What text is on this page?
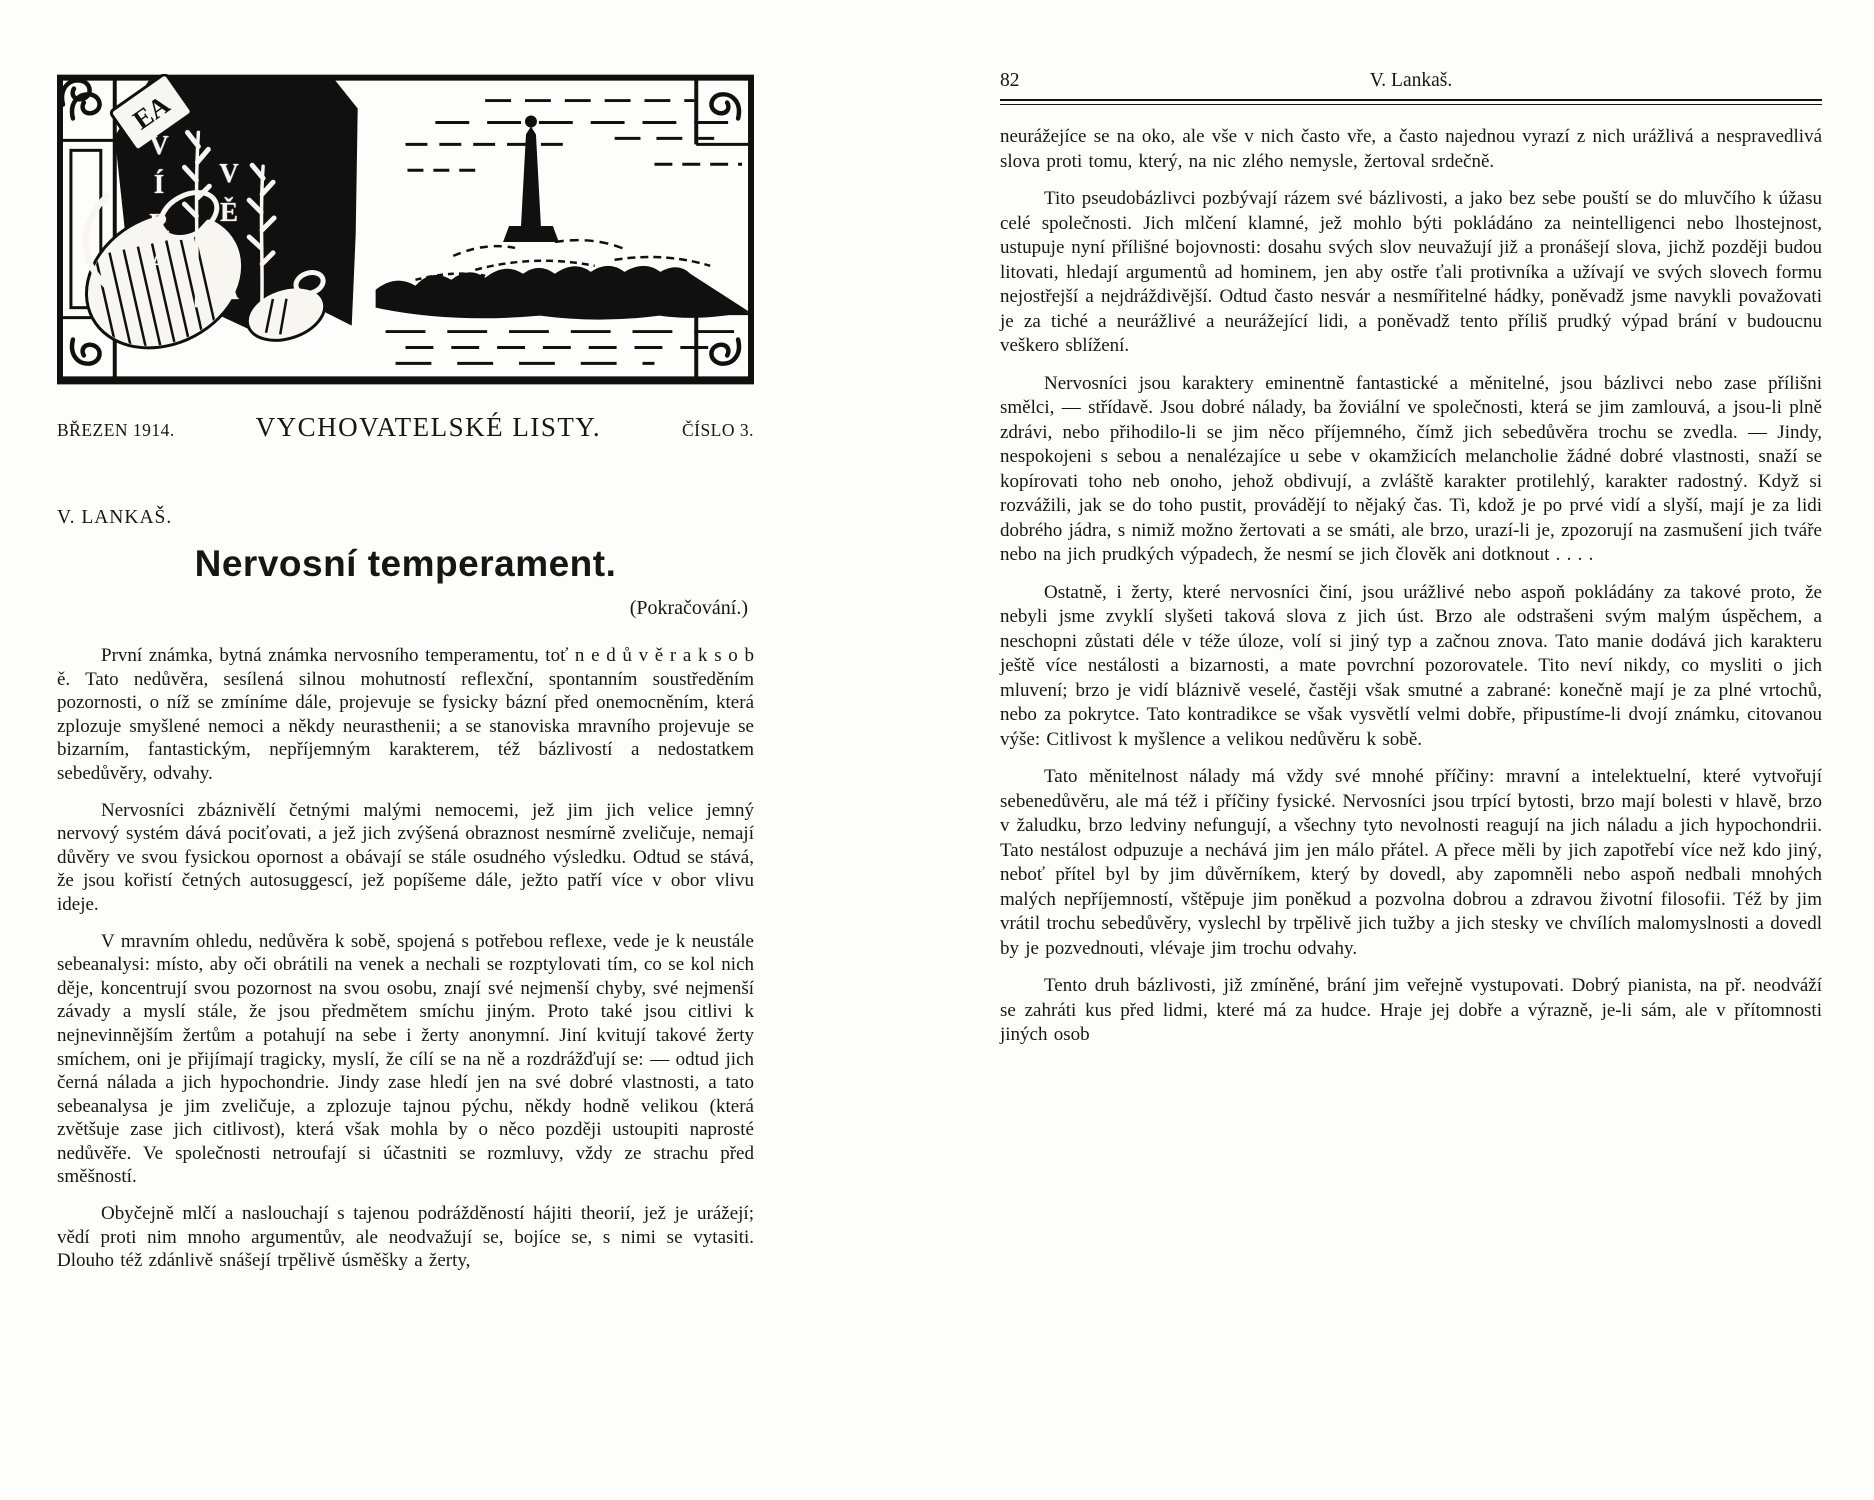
EA
VÍRA VĚDA
BŘEZEN 1914.	VYCHOVATELSKÉ LISTY.	ČÍSLO 3.
V. LANKAŠ.
Nervosní temperament.
(Pokračování.)

První známka, bytná známka nervosního temperamentu, toť n e d ů v ě r a k s o b ě. Tato nedůvěra, sesílená silnou mohutností reflexční, spontanním soustředěním pozornosti, o níž se zmíníme dále, projevuje se fysicky bázní před onemocněním, která zplozuje smyšlené nemoci a někdy neurasthenii; a se stanoviska mravního projevuje se bizarním, fantastickým, nepříjemným karakterem, též bázlivostí a nedostatkem sebedůvěry, odvahy.

Nervosníci zbáznivělí četnými malými nemocemi, jež jim jich velice jemný nervový systém dává pociťovati, a jež jich zvýšená obraznost nesmírně zveličuje, nemají důvěry ve svou fysickou opornost a obávají se stále osudného výsledku. Odtud se stává, že jsou kořistí četných autosuggescí, jež popíšeme dále, ježto patří více v obor vlivu ideje.

V mravním ohledu, nedůvěra k sobě, spojená s potřebou reflexe, vede je k neustále sebeanalysi: místo, aby oči obrátili na venek a nechali se rozptylovati tím, co se kol nich děje, koncentrují svou pozornost na svou osobu, znají své nejmenší chyby, své nejmenší závady a myslí stále, že jsou předmětem smíchu jiným. Proto také jsou citlivi k nejnevinnějším žertům a potahují na sebe i žerty anonymní. Jiní kvitují takové žerty smíchem, oni je přijímají tragicky, myslí, že cílí se na ně a rozdrážďují se: — odtud jich černá nálada a jich hypochondrie. Jindy zase hledí jen na své dobré vlastnosti, a tato sebeanalysa je jim zveličuje, a zplozuje tajnou pýchu, někdy hodně velikou (která zvětšuje zase jich citlivost), která však mohla by o něco později ustoupiti naprosté nedůvěře. Ve společnosti netroufají si účastniti se rozmluvy, vždy ze strachu před směšností.

Obyčejně mlčí a naslouchají s tajenou podrážděností hájiti theorií, jež je urážejí; vědí proti nim mnoho argumentův, ale neodvažují se, bojíce se, s nimi se vytasiti. Dlouho též zdánlivě snášejí trpělivě úsměšky a žerty,

82	V. Lankaš.

neurážejíce se na oko, ale vše v nich často vře, a často najednou vyrazí z nich urážlivá a nespravedlivá slova proti tomu, který, na nic zlého nemysle, žertoval srdečně.

Tito pseudobázlivci pozbývají rázem své bázlivosti, a jako bez sebe pouští se do mluvčího k úžasu celé společnosti. Jich mlčení klamné, jež mohlo býti pokládáno za neintelligenci nebo lhostejnost, ustupuje nyní přílišné bojovnosti: dosahu svých slov neuvažují již a pronášejí slova, jichž později budou litovati, hledají argumentů ad hominem, jen aby ostře ťali protivníka a užívají ve svých slovech formu nejostřejší a nejdráždivější. Odtud často nesvár a nesmířitelné hádky, poněvadž jsme navykli považovati je za tiché a neurážlivé a neurážející lidi, a poněvadž tento příliš prudký výpad brání v budoucnu veškero sblížení.

Nervosníci jsou karaktery eminentně fantastické a měnitelné, jsou bázlivci nebo zase přílišni smělci, — střídavě. Jsou dobré nálady, ba žoviální ve společnosti, která se jim zamlouvá, a jsou-li plně zdrávi, nebo přihodilo-li se jim něco příjemného, čímž jich sebedůvěra trochu se zvedla. — Jindy, nespokojeni s sebou a nenalézajíce u sebe v okamžicích melancholie žádné dobré vlastnosti, snaží se kopírovati toho neb onoho, jehož obdivují, a zvláště karakter protilehlý, karakter radostný. Když si rozvážili, jak se do toho pustit, provádějí to nějaký čas. Ti, kdož je po prvé vidí a slyší, mají je za lidi dobrého jádra, s nimiž možno žertovati a se smáti, ale brzo, urazí-li je, zpozorují na zasmušení jich tváře nebo na jich prudkých výpadech, že nesmí se jich člověk ani dotknout . . . .

Ostatně, i žerty, které nervosníci činí, jsou urážlivé nebo aspoň pokládány za takové proto, že nebyli jsme zvyklí slyšeti taková slova z jich úst. Brzo ale odstrašeni svým malým úspěchem, a neschopni zůstati déle v téže úloze, volí si jiný typ a začnou znova. Tato manie dodává jich karakteru ještě více nestálosti a bizarnosti, a mate povrchní pozorovatele. Tito neví nikdy, co mysliti o jich mluvení; brzo je vidí bláznivě veselé, častěji však smutné a zabrané: konečně mají je za plné vrtochů, nebo za pokrytce. Tato kontradikce se však vysvětlí velmi dobře, připustíme-li dvojí známku, citovanou výše: Citlivost k myšlence a velikou nedůvěru k sobě.

Tato měnitelnost nálady má vždy své mnohé příčiny: mravní a intelektuelní, které vytvořují sebenedůvěru, ale má též i příčiny fysické. Nervosníci jsou trpící bytosti, brzo mají bolesti v hlavě, brzo v žaludku, brzo ledviny nefungují, a všechny tyto nevolnosti reagují na jich náladu a jich hypochondrii. Tato nestálost odpuzuje a nechává jim jen málo přátel. A přece měli by jich zapotřebí více než kdo jiný, neboť přítel byl by jim důvěrníkem, který by dovedl, aby zapomněli nebo aspoň nedbali mnohých malých nepříjemností, vštěpuje jim poněkud a pozvolna dobrou a zdravou životní filosofii. Též by jim vrátil trochu sebedůvěry, vyslechl by trpělivě jich tužby a jich stesky ve chvílích malomyslnosti a dovedl by je pozvednouti, vlévaje jim trochu odvahy.

Tento druh bázlivosti, již zmíněné, brání jim veřejně vystupovati. Dobrý pianista, na př. neodváží se zahráti kus před lidmi, které má za hudce. Hraje jej dobře a výrazně, je-li sám, ale v přítomnosti jiných osob
